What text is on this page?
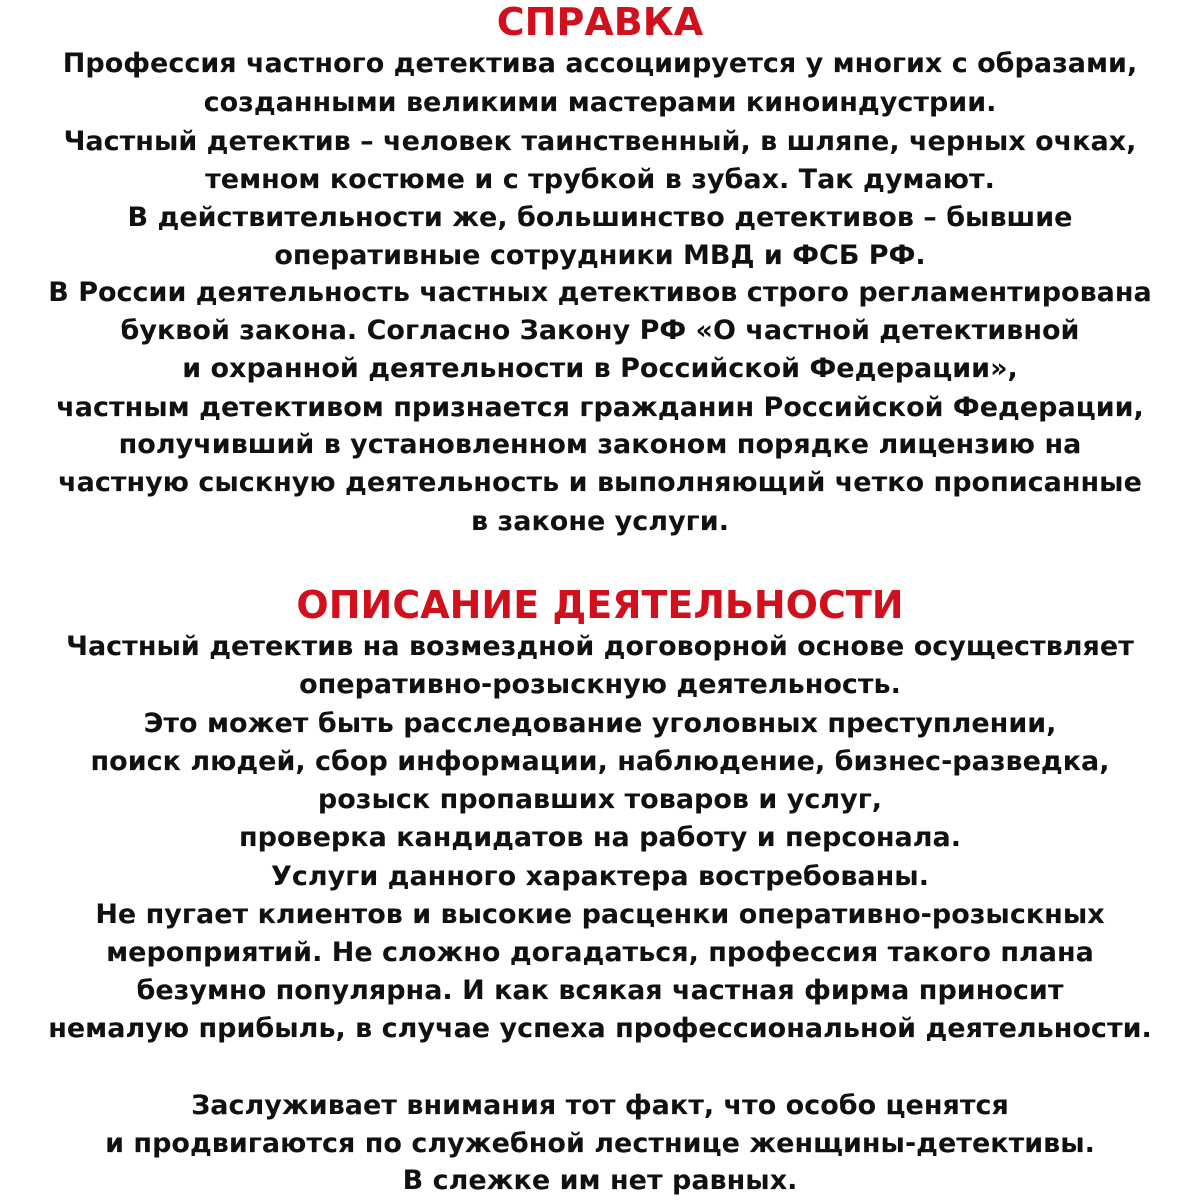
СПРАВКА
Профессия частного детектива ассоциируется у многих с образами,
созданными великими мастерами киноиндустрии.
Частный детектив – человек таинственный, в шляпе, черных очках,
темном костюме и с трубкой в зубах. Так думают.
В действительности же, большинство детективов – бывшие
оперативные сотрудники МВД и ФСБ РФ.
В России деятельность частных детективов строго регламентирована
буквой закона. Согласно Закону РФ «О частной детективной
и охранной деятельности в Российской Федерации»,
частным детективом признается гражданин Российской Федерации,
получивший в установленном законом порядке лицензию на
частную сыскную деятельность и выполняющий четко прописанные
в законе услуги.
ОПИСАНИЕ ДЕЯТЕЛЬНОСТИ
Частный детектив на возмездной договорной основе осуществляет
оперативно-розыскную деятельность.
Это может быть расследование уголовных преступлении,
поиск людей, сбор информации, наблюдение, бизнес-разведка,
розыск пропавших товаров и услуг,
проверка кандидатов на работу и персонала.
Услуги данного характера востребованы.
Не пугает клиентов и высокие расценки оперативно-розыскных
мероприятий. Не сложно догадаться, профессия такого плана
безумно популярна. И как всякая частная фирма приносит
немалую прибыль, в случае успеха профессиональной деятельности.
Заслуживает внимания тот факт, что особо ценятся
и продвигаются по служебной лестнице женщины-детективы.
В слежке им нет равных.
